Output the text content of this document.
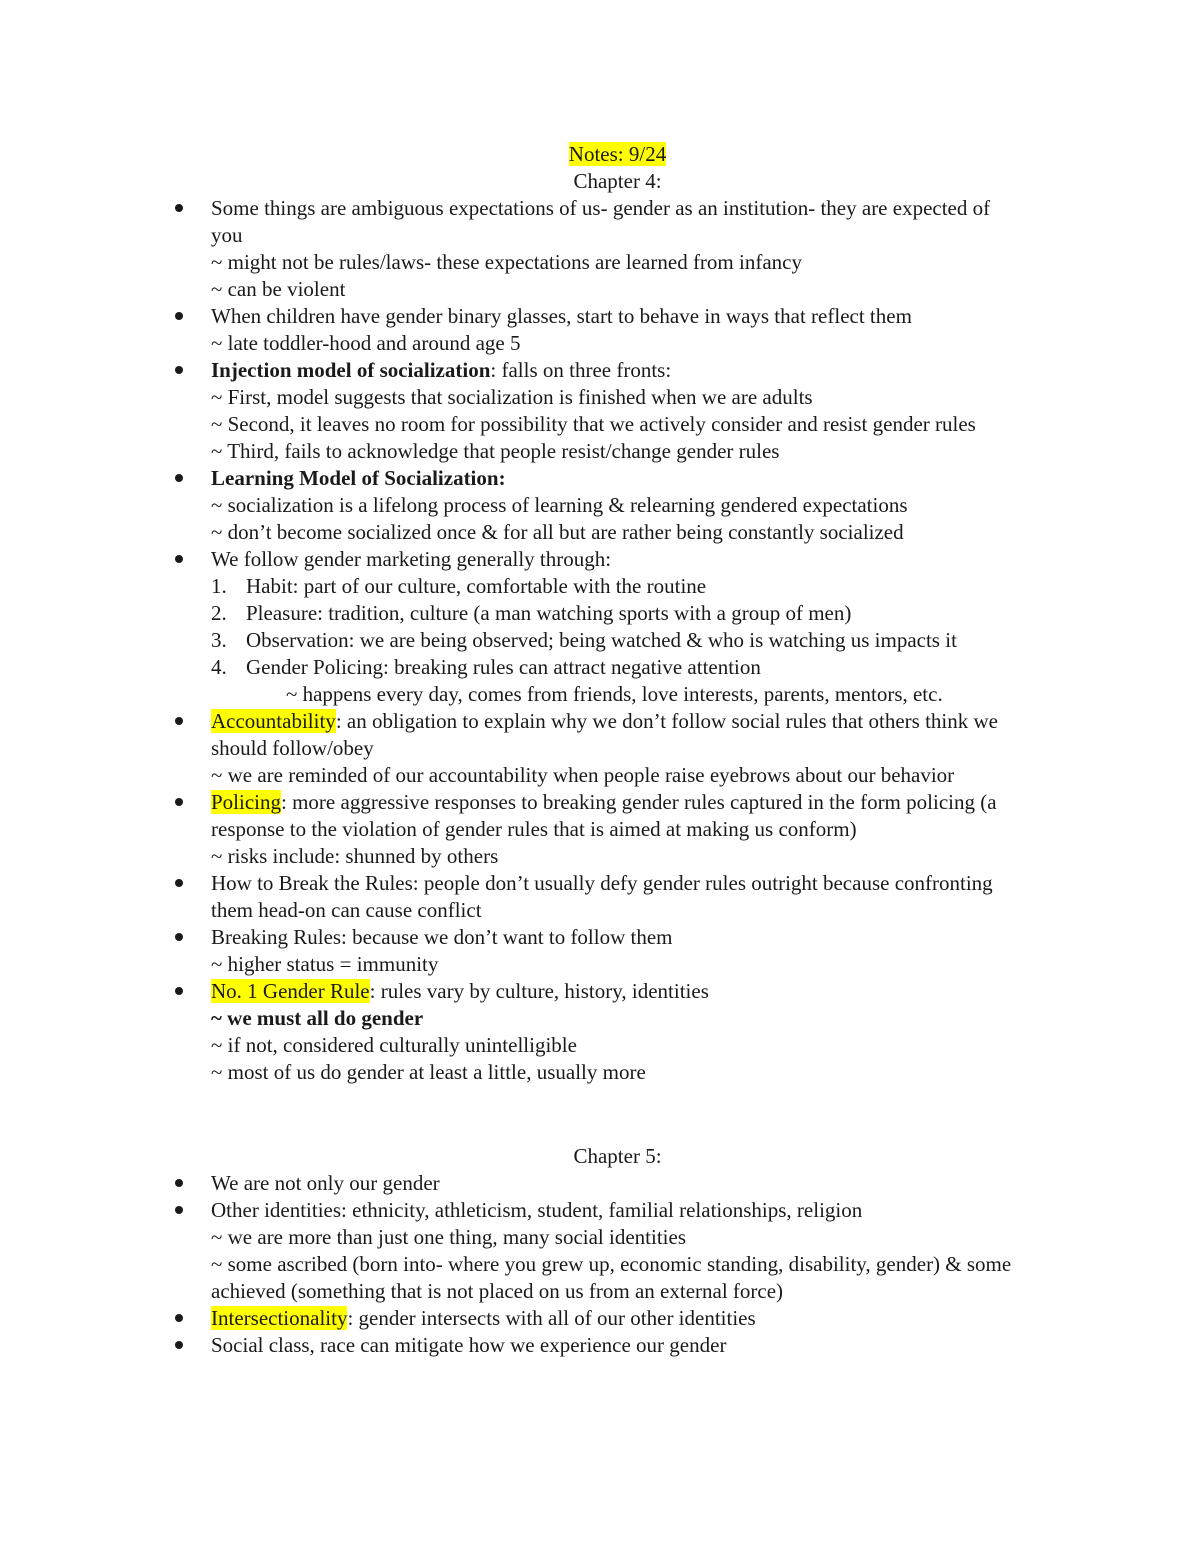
Notes: 9/24
Chapter 4:
Some things are ambiguous expectations of us- gender as an institution- they are expected of you
~ might not be rules/laws- these expectations are learned from infancy
~ can be violent
When children have gender binary glasses, start to behave in ways that reflect them
~ late toddler-hood and around age 5
Injection model of socialization: falls on three fronts:
~ First, model suggests that socialization is finished when we are adults
~ Second, it leaves no room for possibility that we actively consider and resist gender rules
~ Third, fails to acknowledge that people resist/change gender rules
Learning Model of Socialization:
~ socialization is a lifelong process of learning & relearning gendered expectations
~ don’t become socialized once & for all but are rather being constantly socialized
We follow gender marketing generally through:
1. Habit: part of our culture, comfortable with the routine
2. Pleasure: tradition, culture (a man watching sports with a group of men)
3. Observation: we are being observed; being watched & who is watching us impacts it
4. Gender Policing: breaking rules can attract negative attention
~ happens every day, comes from friends, love interests, parents, mentors, etc.
Accountability: an obligation to explain why we don’t follow social rules that others think we should follow/obey
~ we are reminded of our accountability when people raise eyebrows about our behavior
Policing: more aggressive responses to breaking gender rules captured in the form policing (a response to the violation of gender rules that is aimed at making us conform)
~ risks include: shunned by others
How to Break the Rules: people don’t usually defy gender rules outright because confronting them head-on can cause conflict
Breaking Rules: because we don’t want to follow them
~ higher status = immunity
No. 1 Gender Rule: rules vary by culture, history, identities
~ we must all do gender
~ if not, considered culturally unintelligible
~ most of us do gender at least a little, usually more
Chapter 5:
We are not only our gender
Other identities: ethnicity, athleticism, student, familial relationships, religion
~ we are more than just one thing, many social identities
~ some ascribed (born into- where you grew up, economic standing, disability, gender) & some achieved (something that is not placed on us from an external force)
Intersectionality: gender intersects with all of our other identities
Social class, race can mitigate how we experience our gender
